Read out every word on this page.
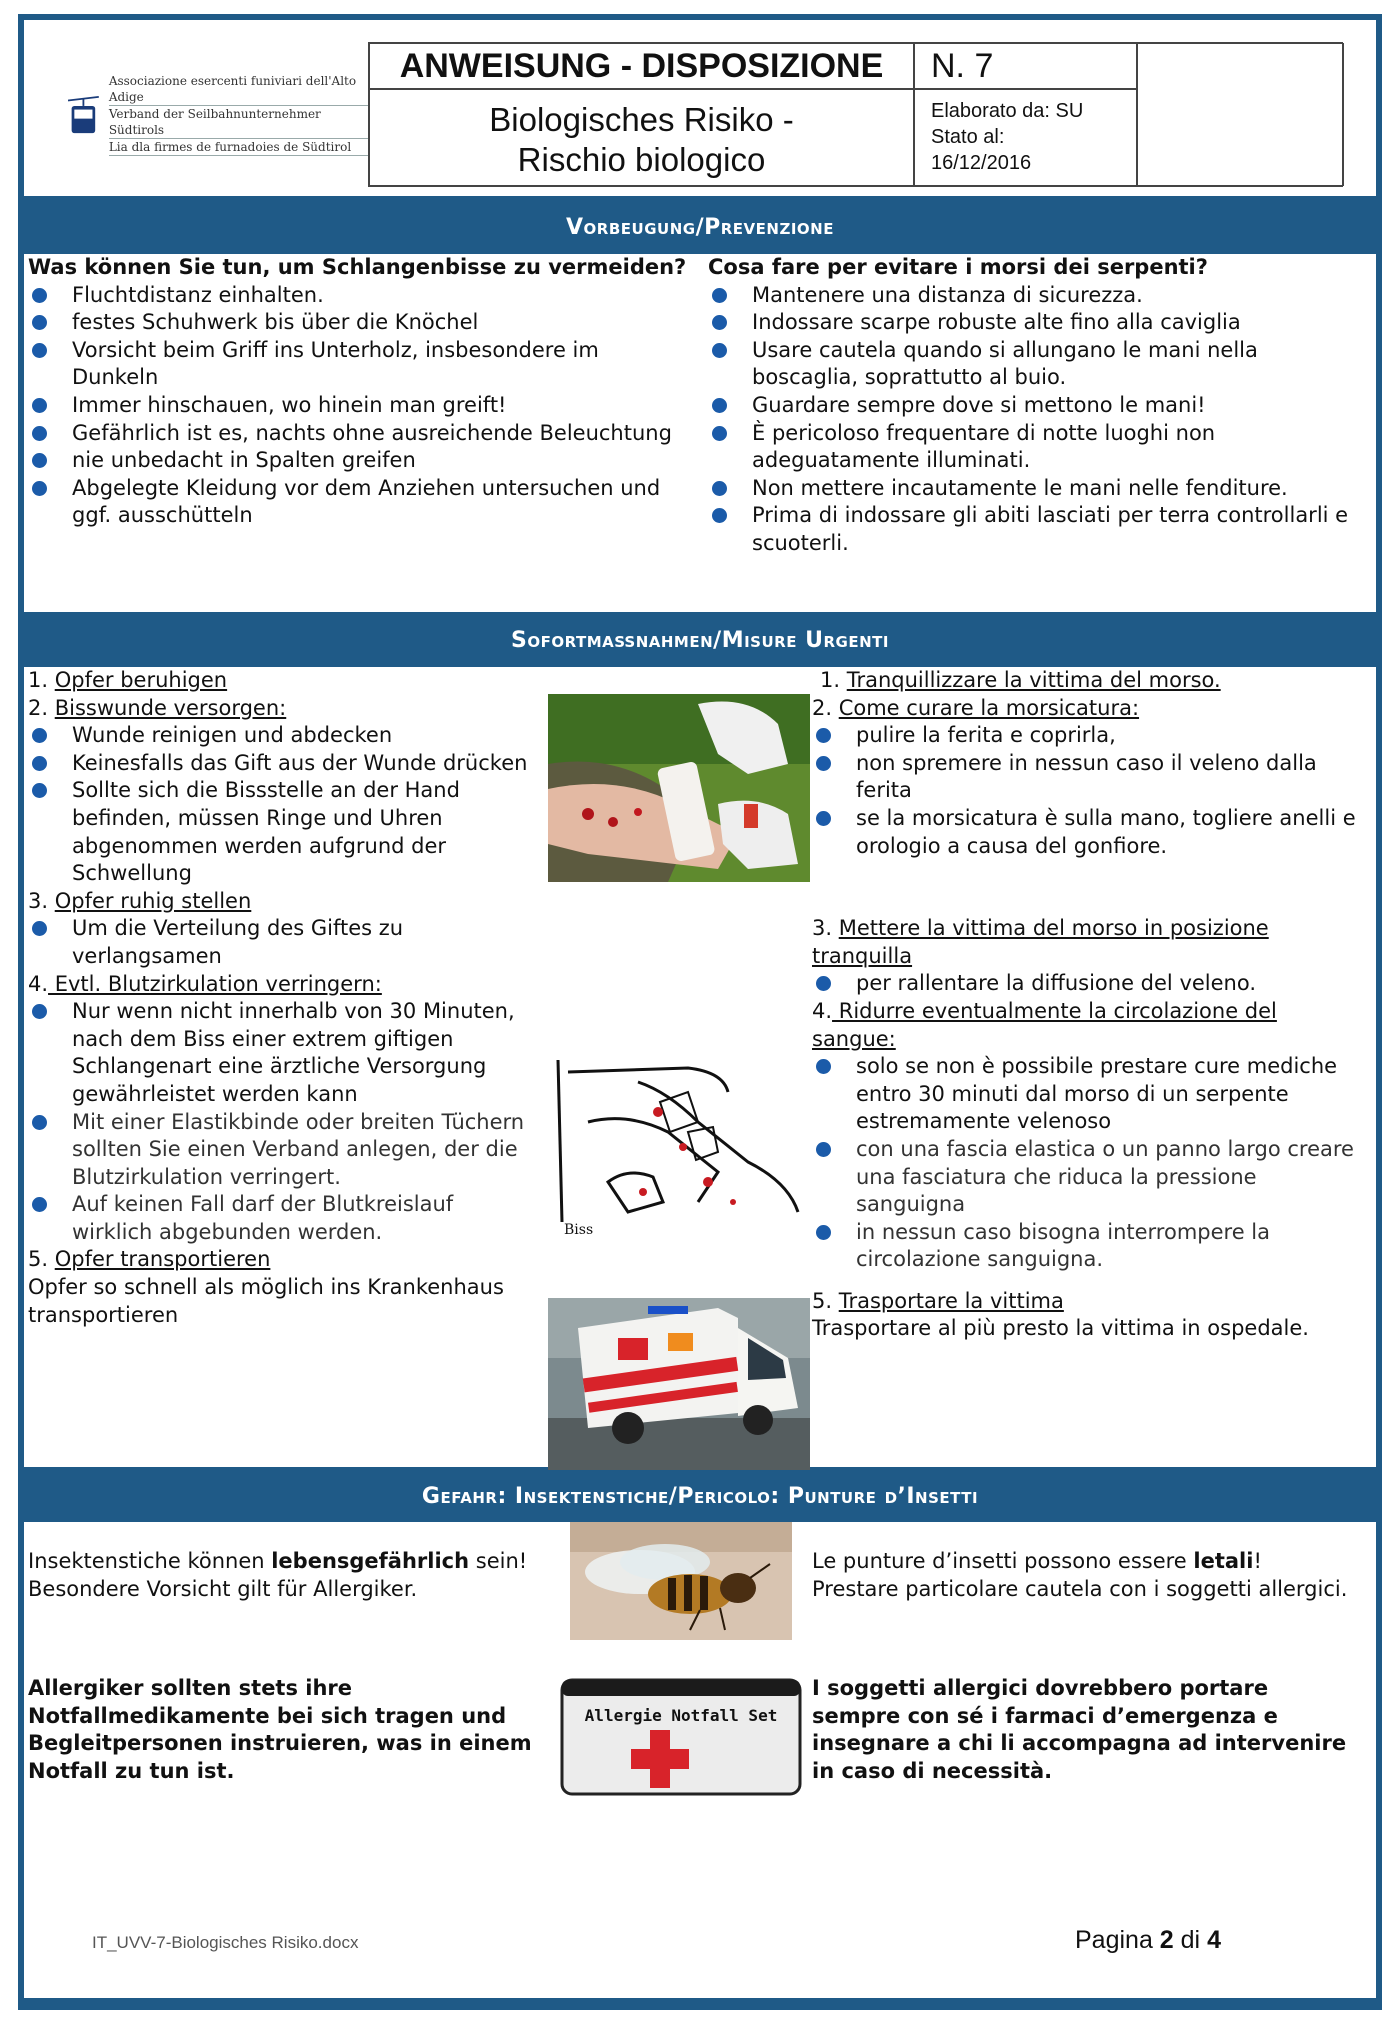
Associazione esercenti funiviari dell'Alto Adige
Verband der Seilbahnunternehmer Südtirols
Lia dla firmes de furnadoies de Südtirol
ANWEISUNG - DISPOSIZIONE	N. 7
Biologisches Risiko -
Rischio biologico
Elaborato da: SU
Stato al:
16/12/2016
Vorbeugung / Prevenzione

Was können Sie tun, um Schlangenbisse zu vermeiden?

Fluchtdistanz einhalten.
festes Schuhwerk bis über die Knöchel
Vorsicht beim Griff ins Unterholz, insbesondere im Dunkeln
Immer hinschauen, wo hinein man greift!
Gefährlich ist es, nachts ohne ausreichende Beleuchtung
nie unbedacht in Spalten greifen
Abgelegte Kleidung vor dem Anziehen untersuchen und ggf. ausschütteln

Cosa fare per evitare i morsi dei serpenti?

Mantenere una distanza di sicurezza.
Indossare scarpe robuste alte fino alla caviglia
Usare cautela quando si allungano le mani nella boscaglia, soprattutto al buio.
Guardare sempre dove si mettono le mani!
È pericoloso frequentare di notte luoghi non adeguatamente illuminati.
Non mettere incautamente le mani nelle fenditure.
Prima di indossare gli abiti lasciati per terra controllarli e scuoterli.
Sofortmaßnahmen / Misure Urgenti

1. Opfer beruhigen

2. Bisswunde versorgen:

Wunde reinigen und abdecken
Keinesfalls das Gift aus der Wunde drücken
Sollte sich die Bissstelle an der Hand befinden, müssen Ringe und Uhren abgenommen werden aufgrund der Schwellung

3. Opfer ruhig stellen

Um die Verteilung des Giftes zu verlangsamen

4. Evtl. Blutzirkulation verringern:

Nur wenn nicht innerhalb von 30 Minuten, nach dem Biss einer extrem giftigen Schlangenart eine ärztliche Versorgung gewährleistet werden kann
Mit einer Elastikbinde oder breiten Tüchern sollten Sie einen Verband anlegen, der die Blutzirkulation verringert.
Auf keinen Fall darf der Blutkreislauf wirklich abgebunden werden.

5. Opfer transportieren

Opfer so schnell als möglich ins Krankenhaus transportieren

1. Tranquillizzare la vittima del morso.

2. Come curare la morsicatura:

pulire la ferita e coprirla,
non spremere in nessun caso il veleno dalla ferita
se la morsicatura è sulla mano, togliere anelli e orologio a causa del gonfiore.

3. Mettere la vittima del morso in posizione tranquilla

per rallentare la diffusione del veleno.

4. Ridurre eventualmente la circolazione del sangue:

solo se non è possibile prestare cure mediche entro 30 minuti dal morso di un serpente estremamente velenoso
con una fascia elastica o un panno largo creare una fasciatura che riduca la pressione sanguigna
in nessun caso bisogna interrompere la circolazione sanguigna.

5. Trasportare la vittima

Trasportare al più presto la vittima in ospedale.

Biss
Gefahr: Insektenstiche / Pericolo: Punture d’Insetti
Insektenstiche können lebensgefährlich sein! Besondere Vorsicht gilt für Allergiker.
Allergiker sollten stets ihre Notfallmedikamente bei sich tragen und Begleitpersonen instruieren, was in einem Notfall zu tun ist.
Le punture d’insetti possono essere letali! Prestare particolare cautela con i soggetti allergici.
I soggetti allergici dovrebbero portare sempre con sé i farmaci d’emergenza e insegnare a chi li accompagna ad intervenire in caso di necessità.
Allergie Notfall Set
IT_UVV-7-Biologisches Risiko.docx	Pagina 2 di 4
